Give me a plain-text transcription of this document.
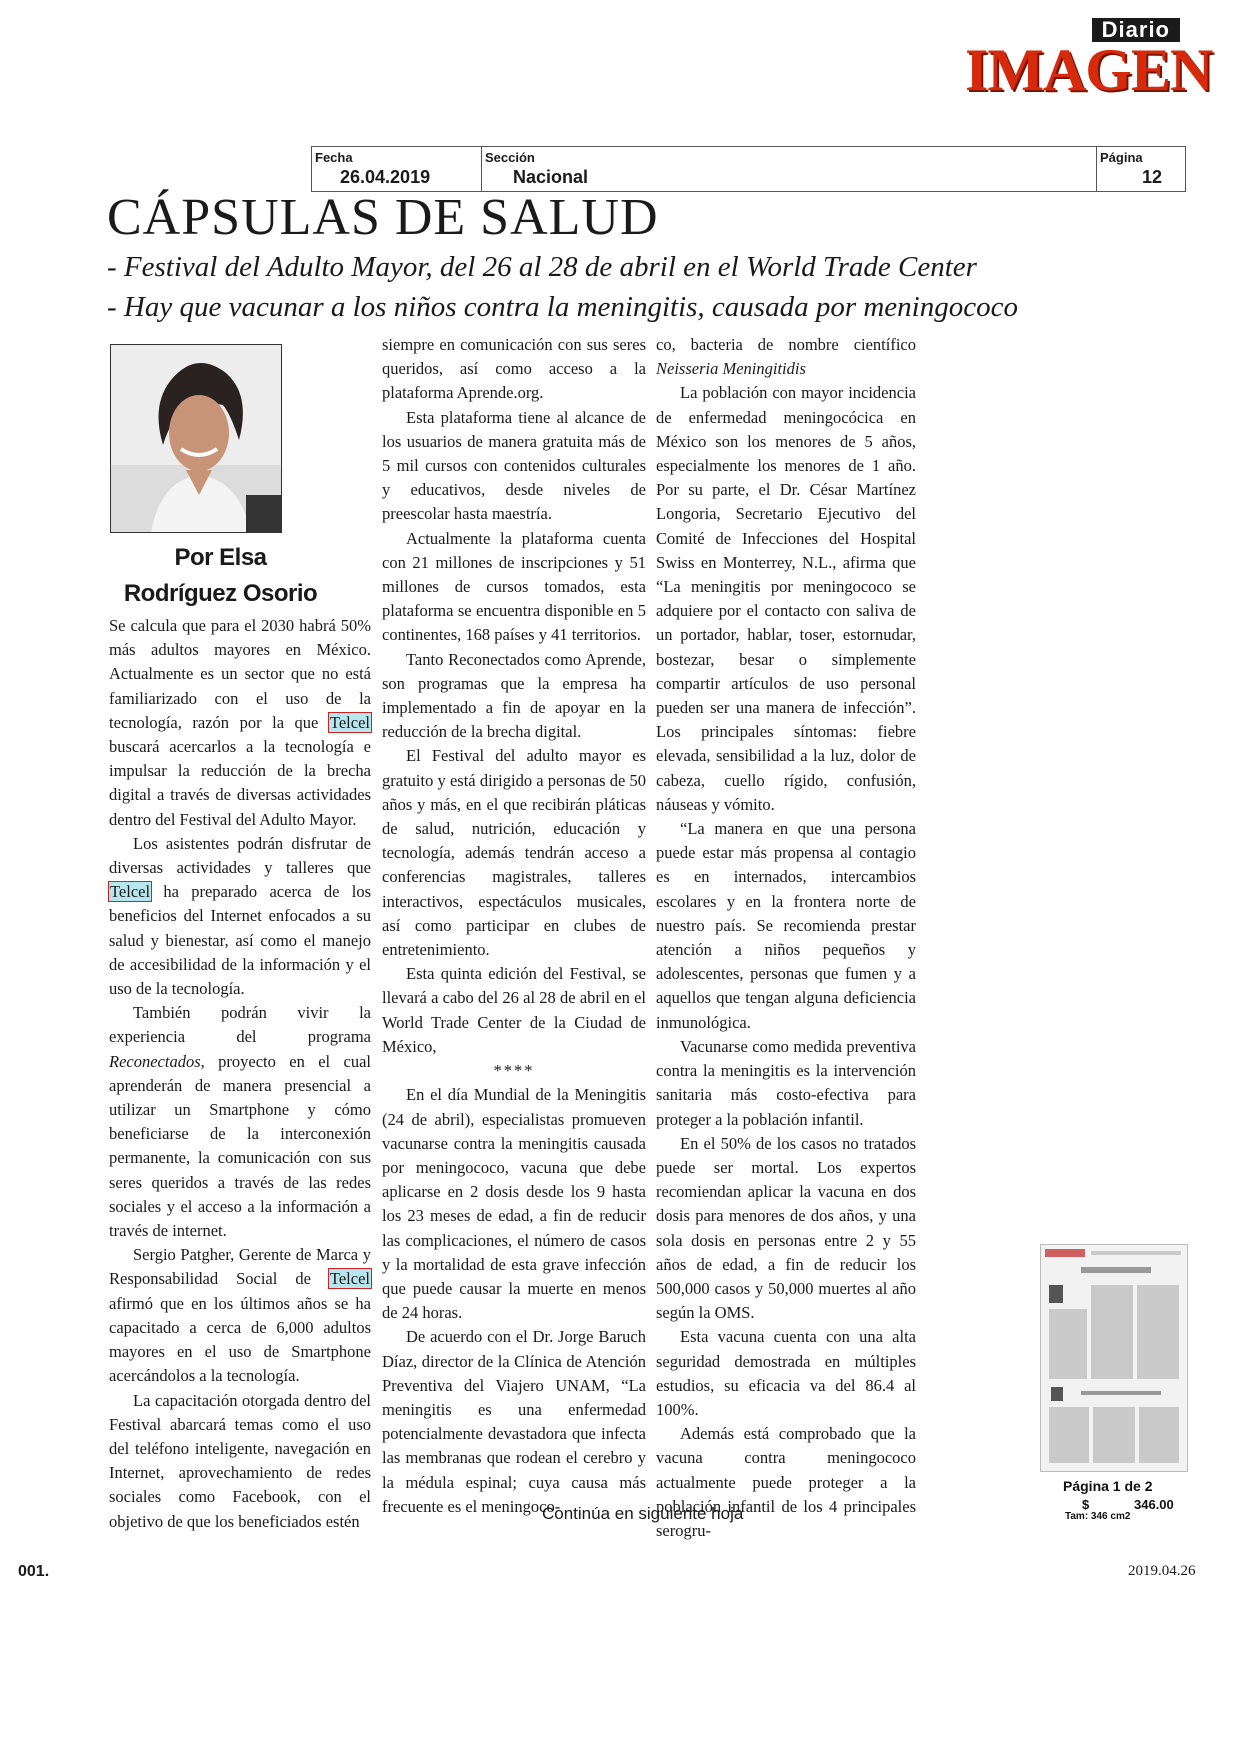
Diario
IMAGEN
Fecha
26.04.2019
Sección
Nacional
Página
12
CÁPSULAS DE SALUD

- Festival del Adulto Mayor, del 26 al 28 de abril en el World Trade Center

- Hay que vacunar a los niños contra la meningitis, causada por meningococo

Por Elsa
Rodríguez Osorio

Se calcula que para el 2030 habrá 50% más adultos mayores en México. Actualmente es un sector que no está familiarizado con el uso de la tecnología, razón por la que Telcel buscará acercarlos a la tecnología e impulsar la reducción de la brecha digital a través de diversas actividades dentro del Festival del Adulto Mayor.

Los asistentes podrán disfrutar de diversas actividades y talleres que Telcel ha preparado acerca de los beneficios del Internet enfocados a su salud y bienestar, así como el manejo de accesibilidad de la información y el uso de la tecnología.

También podrán vivir la experiencia del programa Reconectados, proyecto en el cual aprenderán de manera presencial a utilizar un Smartphone y cómo beneficiarse de la interconexión permanente, la comunicación con sus seres queridos a través de las redes sociales y el acceso a la información a través de internet.

Sergio Patgher, Gerente de Marca y Responsabilidad Social de Telcel afirmó que en los últimos años se ha capacitado a cerca de 6,000 adultos mayores en el uso de Smartphone acercándolos a la tecnología.

La capacitación otorgada dentro del Festival abarcará temas como el uso del teléfono inteligente, navegación en Internet, aprovechamiento de redes sociales como Facebook, con el objetivo de que los beneficiados estén

siempre en comunicación con sus seres queridos, así como acceso a la plataforma Aprende.org.

Esta plataforma tiene al alcance de los usuarios de manera gratuita más de 5 mil cursos con contenidos culturales y educativos, desde niveles de preescolar hasta maestría.

Actualmente la plataforma cuenta con 21 millones de inscripciones y 51 millones de cursos tomados, esta plataforma se encuentra disponible en 5 continentes, 168 países y 41 territorios.

Tanto Reconectados como Aprende, son programas que la empresa ha implementado a fin de apoyar en la reducción de la brecha digital.

El Festival del adulto mayor es gratuito y está dirigido a personas de 50 años y más, en el que recibirán pláticas de salud, nutrición, educación y tecnología, además tendrán acceso a conferencias magistrales, talleres interactivos, espectáculos musicales, así como participar en clubes de entretenimiento.

Esta quinta edición del Festival, se llevará a cabo del 26 al 28 de abril en el World Trade Center de la Ciudad de México,

****

En el día Mundial de la Meningitis (24 de abril), especialistas promueven vacunarse contra la meningitis causada por meningococo, vacuna que debe aplicarse en 2 dosis desde los 9 hasta los 23 meses de edad, a fin de reducir las complicaciones, el número de casos y la mortalidad de esta grave infección que puede causar la muerte en menos de 24 horas.

De acuerdo con el Dr. Jorge Baruch Díaz, director de la Clínica de Atención Preventiva del Viajero UNAM, “La meningitis es una enfermedad potencialmente devastadora que infecta las membranas que rodean el cerebro y la médula espinal; cuya causa más frecuente es el meningoco-

co, bacteria de nombre científico Neisseria Meningitidis

La población con mayor incidencia de enfermedad meningocócica en México son los menores de 5 años, especialmente los menores de 1 año. Por su parte, el Dr. César Martínez Longoria, Secretario Ejecutivo del Comité de Infecciones del Hospital Swiss en Monterrey, N.L., afirma que “La meningitis por meningococo se adquiere por el contacto con saliva de un portador, hablar, toser, estornudar, bostezar, besar o simplemente compartir artículos de uso personal pueden ser una manera de infección”. Los principales síntomas: fiebre elevada, sensibilidad a la luz, dolor de cabeza, cuello rígido, confusión, náuseas y vómito.

“La manera en que una persona puede estar más propensa al contagio es en internados, intercambios escolares y en la frontera norte de nuestro país. Se recomienda prestar atención a niños pequeños y adolescentes, personas que fumen y a aquellos que tengan alguna deficiencia inmunológica.

Vacunarse como medida preventiva contra la meningitis es la intervención sanitaria más costo-efectiva para proteger a la población infantil.

En el 50% de los casos no tratados puede ser mortal. Los expertos recomiendan aplicar la vacuna en dos dosis para menores de dos años, y una sola dosis en personas entre 2 y 55 años de edad, a fin de reducir los 500,000 casos y 50,000 muertes al año según la OMS.

Esta vacuna cuenta con una alta seguridad demostrada en múltiples estudios, su eficacia va del 86.4 al 100%.

Además está comprobado que la vacuna contra meningococo actualmente puede proteger a la población infantil de los 4 principales serogru-

Continúa en siguiente hoja
Página 1 de 2
$	346.00
Tam: 346 cm2
001.	2019.04.26
